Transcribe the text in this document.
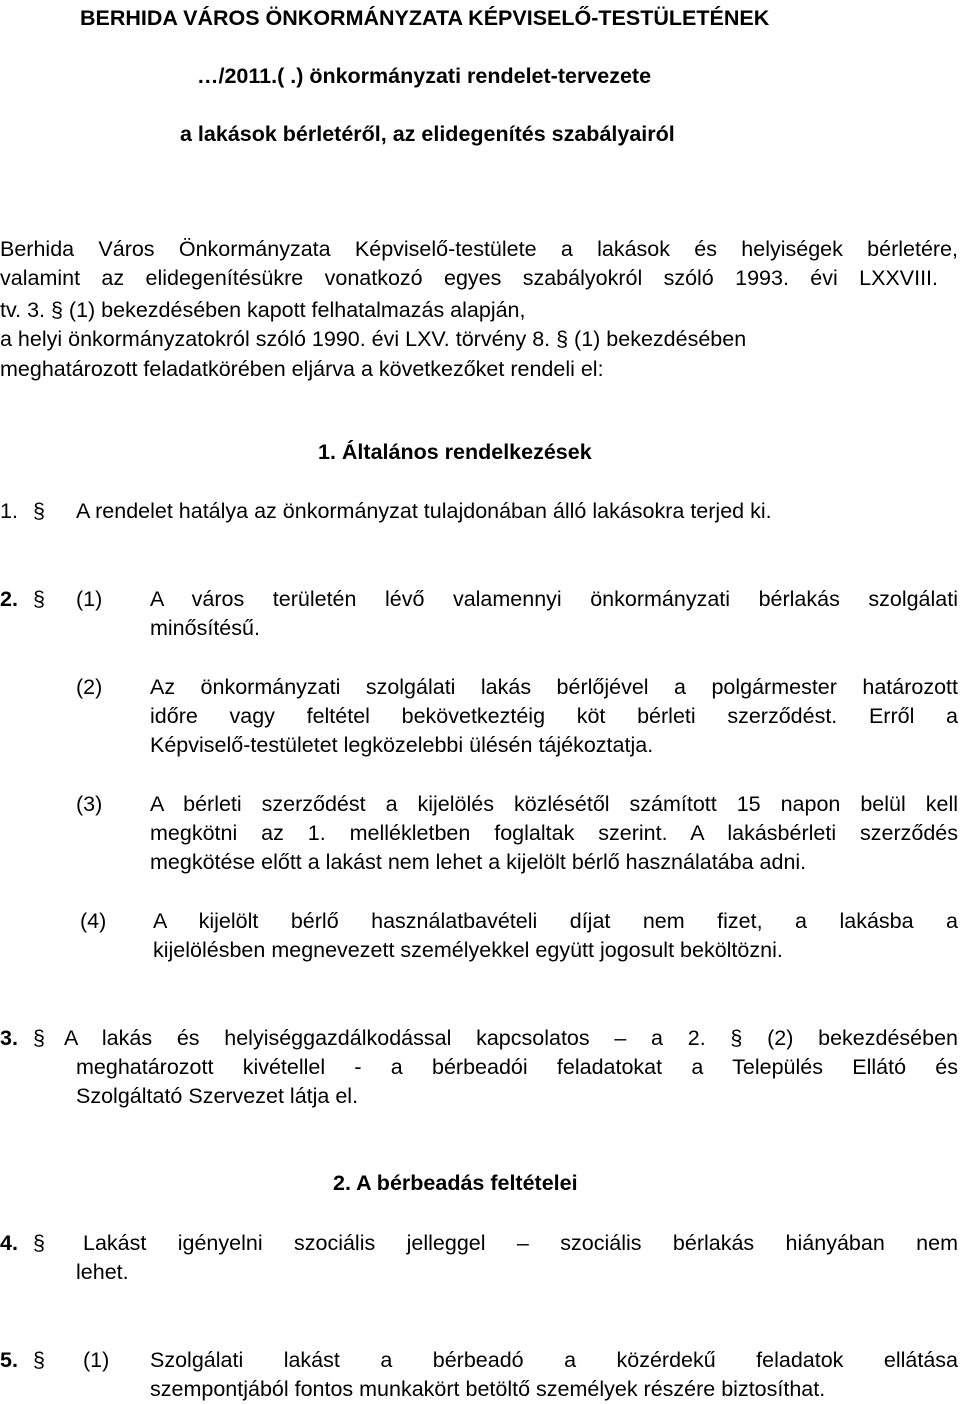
BERHIDA VÁROS ÖNKORMÁNYZATA KÉPVISELŐ-TESTÜLETÉNEK
…/2011.( .) önkormányzati rendelet-tervezete
a lakások bérletéről, az elidegenítés szabályairól
Berhida Város Önkormányzata Képviselő-testülete a lakások és helyiségek bérletére,
valamint az elidegenítésükre vonatkozó egyes szabályokról szóló 1993. évi LXXVIII.
tv. 3. § (1) bekezdésében kapott felhatalmazás alapján,
a helyi önkormányzatokról szóló 1990. évi LXV. törvény 8. § (1) bekezdésében
meghatározott feladatkörében eljárva a következőket rendeli el:
1. Általános rendelkezések
1. § A rendelet hatálya az önkormányzat tulajdonában álló lakásokra terjed ki.
2. § (1) A város területén lévő valamennyi önkormányzati bérlakás szolgálati
minősítésű.
(2) Az önkormányzati szolgálati lakás bérlőjével a polgármester határozott
időre vagy feltétel bekövetkeztéig köt bérleti szerződést. Erről a
Képviselő-testületet legközelebbi ülésén tájékoztatja.
(3) A bérleti szerződést a kijelölés közlésétől számított 15 napon belül kell
megkötni az 1. mellékletben foglaltak szerint. A lakásbérleti szerződés
megkötése előtt a lakást nem lehet a kijelölt bérlő használatába adni.
(4) A kijelölt bérlő használatbavételi díjat nem fizet, a lakásba a
kijelölésben megnevezett személyekkel együtt jogosult beköltözni.
3. § A lakás és helyiséggazdálkodással kapcsolatos – a 2. § (2) bekezdésében
meghatározott kivétellel - a bérbeadói feladatokat a Település Ellátó és
Szolgáltató Szervezet látja el.
2. A bérbeadás feltételei
4. § Lakást igényelni szociális jelleggel – szociális bérlakás hiányában nem
lehet.
5. § (1) Szolgálati lakást a bérbeadó a közérdekű feladatok ellátása
szempontjából fontos munkakört betöltő személyek részére biztosíthat.
